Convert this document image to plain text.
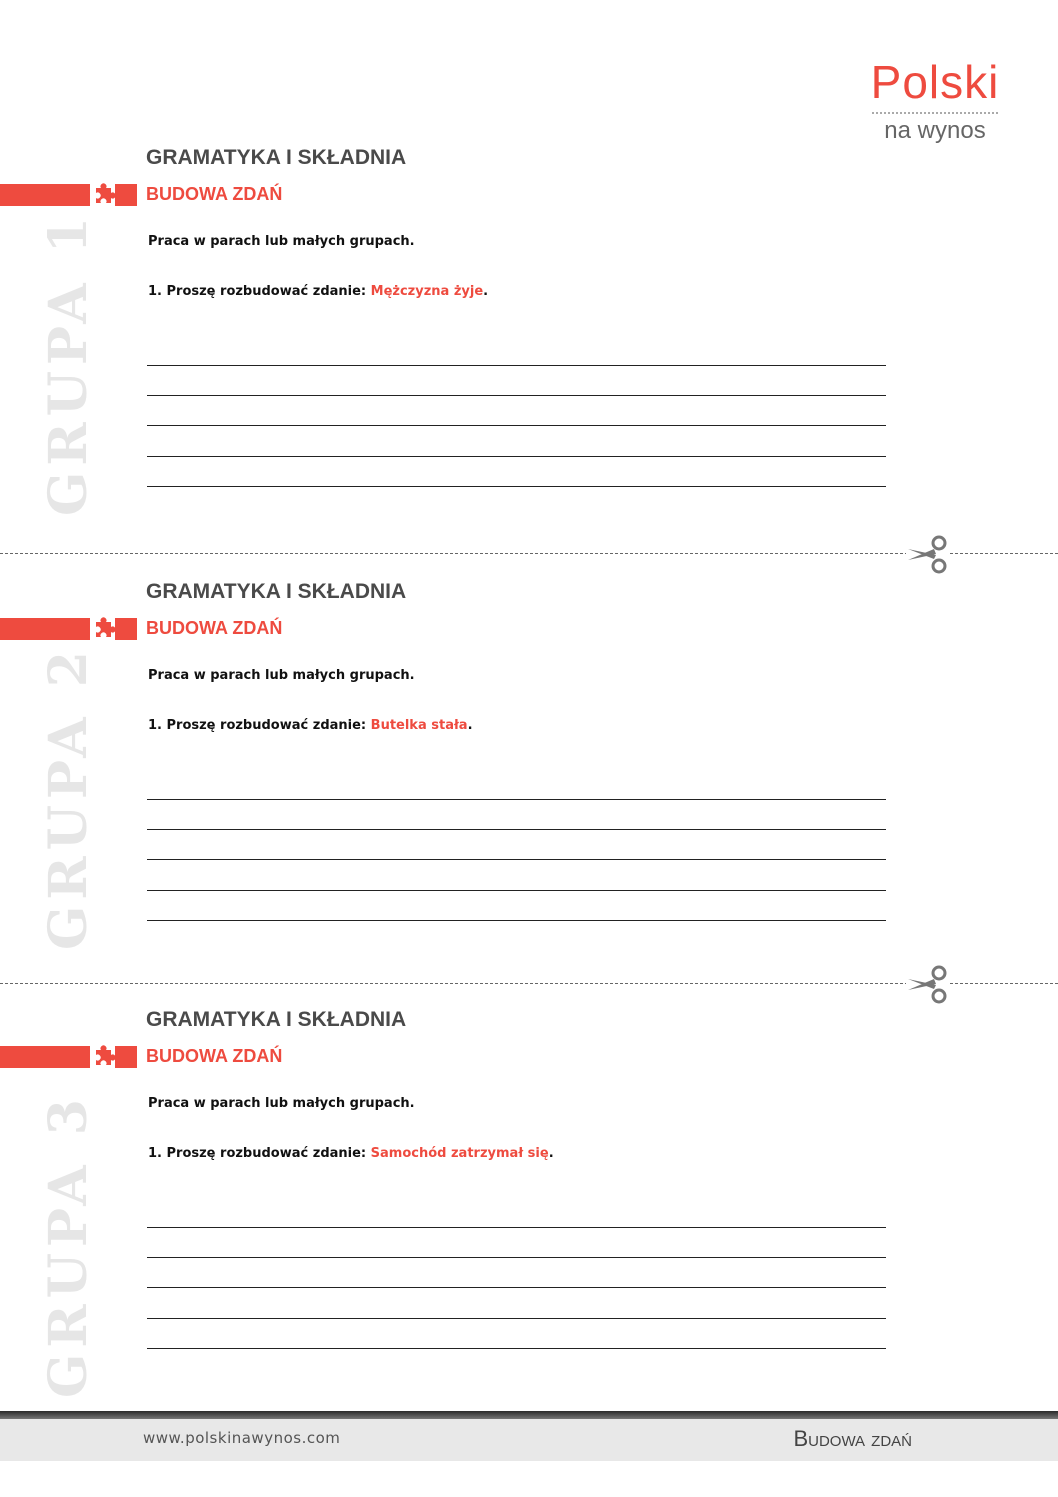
Polski
na wynos
GRUPA 1
GRAMATYKA I SKŁADNIA
BUDOWA ZDAŃ
Praca w parach lub małych grupach.
1. Proszę rozbudować zdanie: Mężczyzna żyje.
GRUPA 2
GRAMATYKA I SKŁADNIA
BUDOWA ZDAŃ
Praca w parach lub małych grupach.
1. Proszę rozbudować zdanie: Butelka stała.
GRUPA 3
GRAMATYKA I SKŁADNIA
BUDOWA ZDAŃ
Praca w parach lub małych grupach.
1. Proszę rozbudować zdanie: Samochód zatrzymał się.
www.polskinawynos.com	Budowa zdań
